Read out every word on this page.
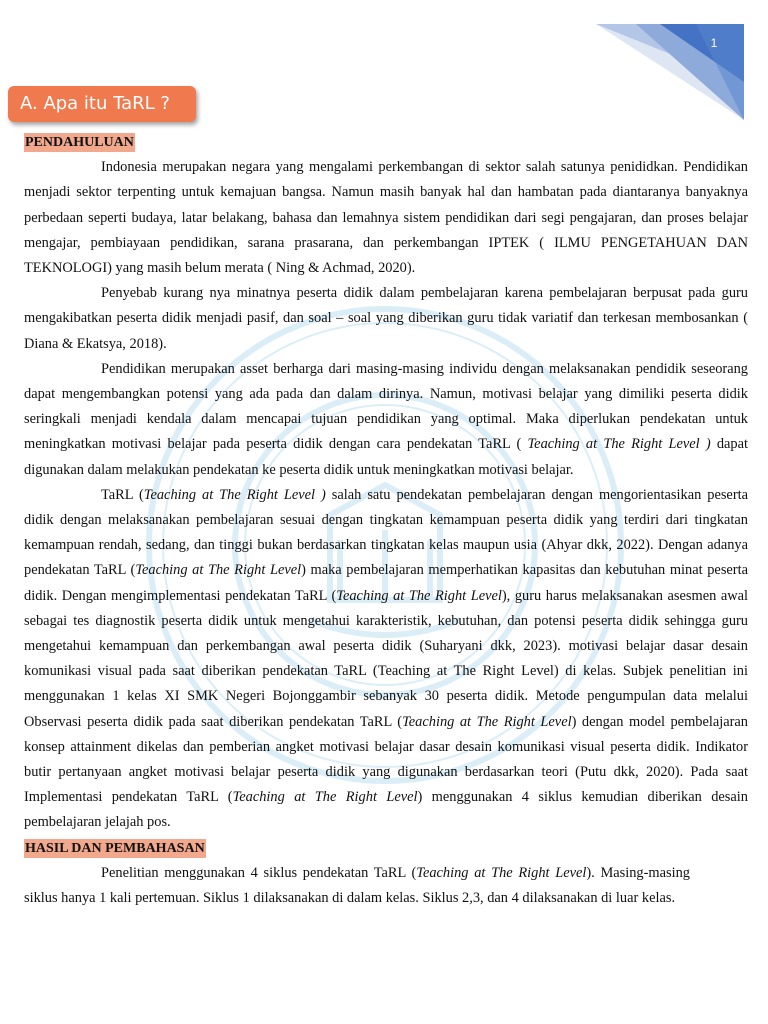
1
A. Apa itu TaRL ?
PENDAHULUAN

Indonesia merupakan negara yang mengalami perkembangan di sektor salah satunya penididkan. Pendidikan menjadi sektor terpenting untuk kemajuan bangsa. Namun masih banyak hal dan hambatan pada diantaranya banyaknya perbedaan seperti budaya, latar belakang, bahasa dan lemahnya sistem pendidikan dari segi pengajaran, dan proses belajar mengajar, pembiayaan pendidikan, sarana prasarana, dan perkembangan IPTEK ( ILMU PENGETAHUAN DAN TEKNOLOGI) yang masih belum merata ( Ning & Achmad, 2020).

Penyebab kurang nya minatnya peserta didik dalam pembelajaran karena pembelajaran berpusat pada guru mengakibatkan peserta didik menjadi pasif, dan soal – soal yang diberikan guru tidak variatif dan terkesan membosankan ( Diana & Ekatsya, 2018).

Pendidikan merupakan asset berharga dari masing-masing individu dengan melaksanakan pendidik seseorang dapat mengembangkan potensi yang ada pada dan dalam dirinya. Namun, motivasi belajar yang dimiliki peserta didik seringkali menjadi kendala dalam mencapai tujuan pendidikan yang optimal. Maka diperlukan pendekatan untuk meningkatkan motivasi belajar pada peserta didik dengan cara pendekatan TaRL ( Teaching at The Right Level ) dapat digunakan dalam melakukan pendekatan ke peserta didik untuk meningkatkan motivasi belajar.

TaRL (Teaching at The Right Level ) salah satu pendekatan pembelajaran dengan mengorientasikan peserta didik dengan melaksanakan pembelajaran sesuai dengan tingkatan kemampuan peserta didik yang terdiri dari tingkatan kemampuan rendah, sedang, dan tinggi bukan berdasarkan tingkatan kelas maupun usia (Ahyar dkk, 2022). Dengan adanya pendekatan TaRL (Teaching at The Right Level) maka pembelajaran memperhatikan kapasitas dan kebutuhan minat peserta didik. Dengan mengimplementasi pendekatan TaRL (Teaching at The Right Level), guru harus melaksanakan asesmen awal sebagai tes diagnostik peserta didik untuk mengetahui karakteristik, kebutuhan, dan potensi peserta didik sehingga guru mengetahui kemampuan dan perkembangan awal peserta didik (Suharyani dkk, 2023). motivasi belajar dasar desain komunikasi visual pada saat diberikan pendekatan TaRL (Teaching at The Right Level) di kelas. Subjek penelitian ini menggunakan 1 kelas XI SMK Negeri Bojonggambir sebanyak 30 peserta didik. Metode pengumpulan data melalui Observasi peserta didik pada saat diberikan pendekatan TaRL (Teaching at The Right Level) dengan model pembelajaran konsep attainment dikelas dan pemberian angket motivasi belajar dasar desain komunikasi visual peserta didik. Indikator butir pertanyaan angket motivasi belajar peserta didik yang digunakan berdasarkan teori (Putu dkk, 2020). Pada saat Implementasi pendekatan TaRL (Teaching at The Right Level) menggunakan 4 siklus kemudian diberikan desain pembelajaran jelajah pos.

HASIL DAN PEMBAHASAN

Penelitian menggunakan 4 siklus pendekatan TaRL (Teaching at The Right Level). Masing-masing siklus hanya 1 kali pertemuan. Siklus 1 dilaksanakan di dalam kelas. Siklus 2,3, dan 4 dilaksanakan di luar kelas.
